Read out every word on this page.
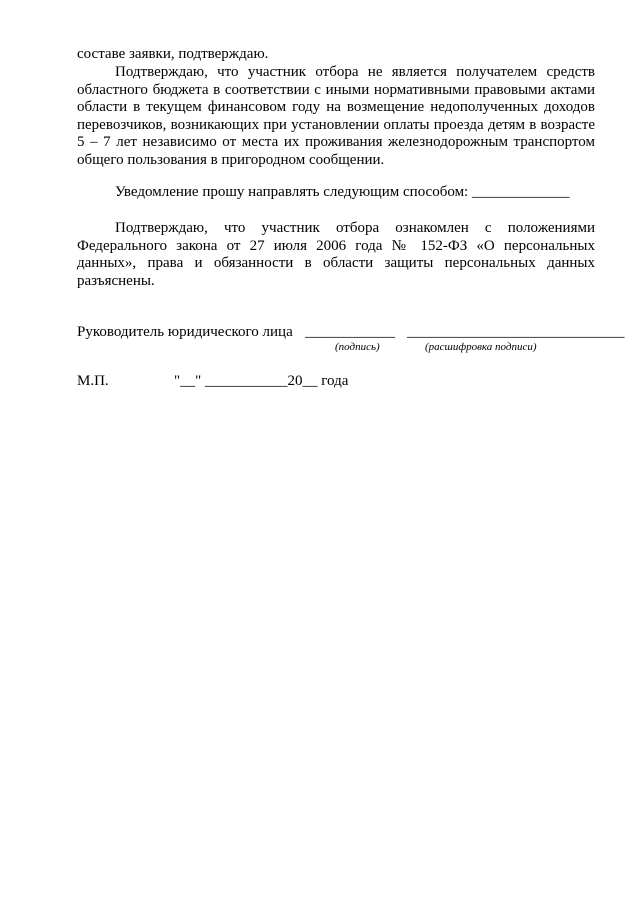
составе заявки, подтверждаю.

Подтверждаю, что участник отбора не является получателем средств областного бюджета в соответствии с иными нормативными правовыми актами области в текущем финансовом году на возмещение недополученных доходов перевозчиков, возникающих при установлении оплаты проезда детям в возрасте 5 – 7 лет независимо от места их проживания железнодорожным транспортом общего пользования в пригородном сообщении.

Уведомление прошу направлять следующим способом: _____________

Подтверждаю, что участник отбора ознакомлен с положениями Федерального закона от 27 июля 2006 года № 152-ФЗ «О персональных данных», права и обязанности в области защиты персональных данных разъяснены.

Руководитель юридического лица ____________ _____________________________
(подпись)	(расшифровка подписи)
М.П.	"__" ___________20__ года
